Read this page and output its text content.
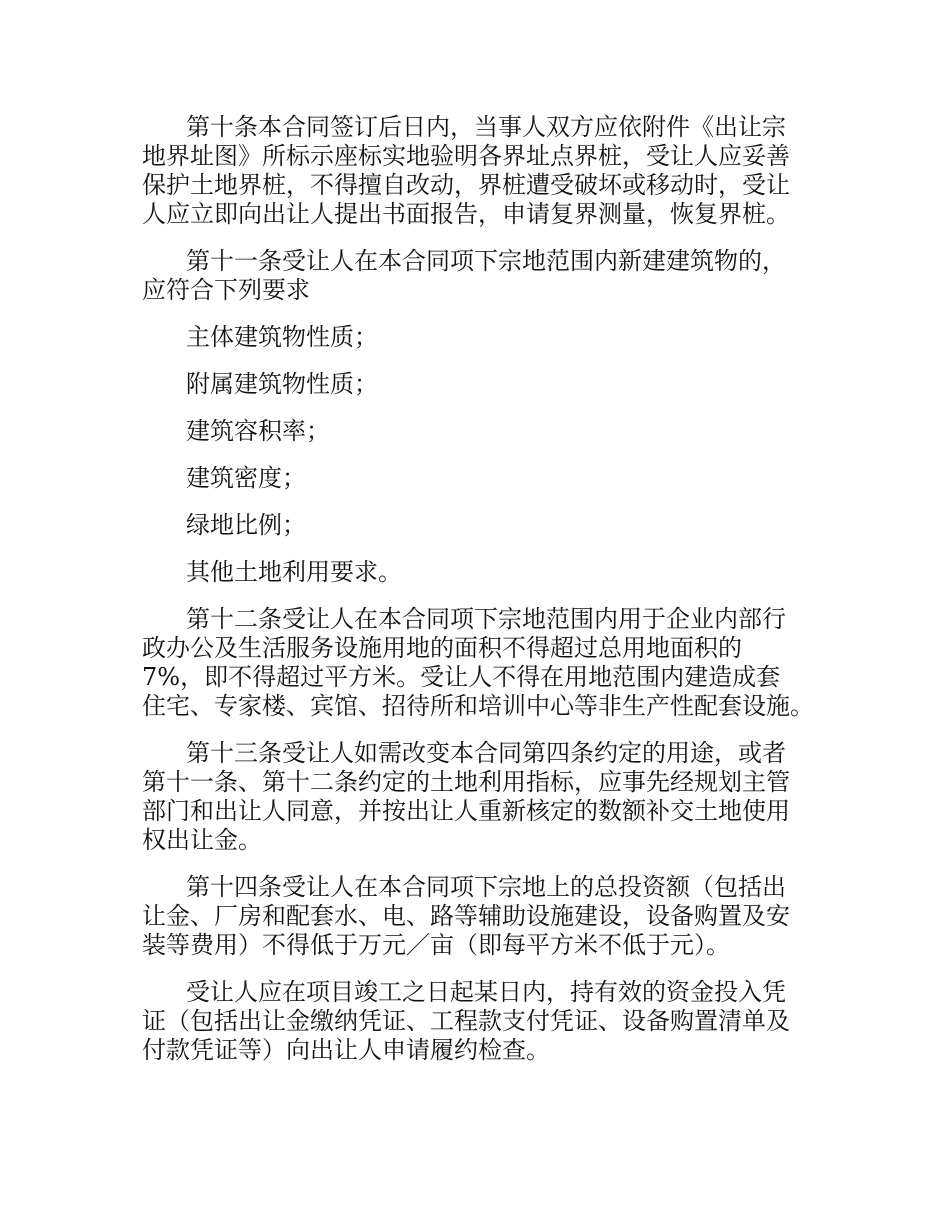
第十条本合同签订后日内，当事人双方应依附件《出让宗
地界址图》所标示座标实地验明各界址点界桩，受让人应妥善
保护土地界桩，不得擅自改动，界桩遭受破坏或移动时，受让
人应立即向出让人提出书面报告，申请复界测量，恢复界桩。

第十一条受让人在本合同项下宗地范围内新建建筑物的，
应符合下列要求

主体建筑物性质；

附属建筑物性质；

建筑容积率；

建筑密度；

绿地比例；

其他土地利用要求。

第十二条受让人在本合同项下宗地范围内用于企业内部行
政办公及生活服务设施用地的面积不得超过总用地面积的
7%，即不得超过平方米。受让人不得在用地范围内建造成套
住宅、专家楼、宾馆、招待所和培训中心等非生产性配套设施。

第十三条受让人如需改变本合同第四条约定的用途，或者
第十一条、第十二条约定的土地利用指标，应事先经规划主管
部门和出让人同意，并按出让人重新核定的数额补交土地使用
权出让金。

第十四条受让人在本合同项下宗地上的总投资额（包括出
让金、厂房和配套水、电、路等辅助设施建设，设备购置及安
装等费用）不得低于万元／亩（即每平方米不低于元）。

受让人应在项目竣工之日起某日内，持有效的资金投入凭
证（包括出让金缴纳凭证、工程款支付凭证、设备购置清单及
付款凭证等）向出让人申请履约检查。
